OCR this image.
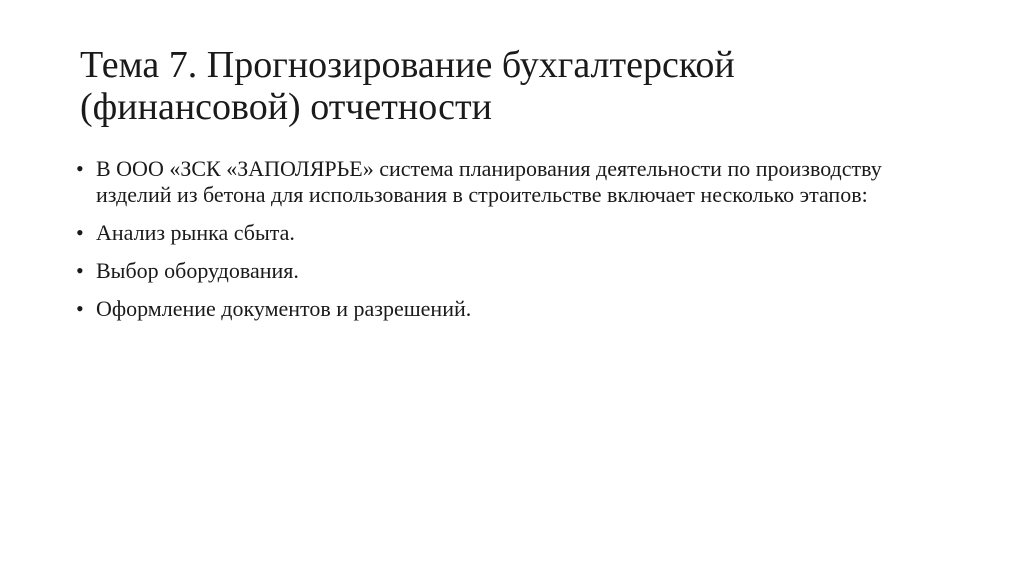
Тема 7. Прогнозирование бухгалтерской (финансовой) отчетности
• В ООО «ЗСК «ЗАПОЛЯРЬЕ» система планирования деятельности по производству изделий из бетона для использования в строительстве включает несколько этапов:
• Анализ рынка сбыта.
• Выбор оборудования.
• Оформление документов и разрешений.
